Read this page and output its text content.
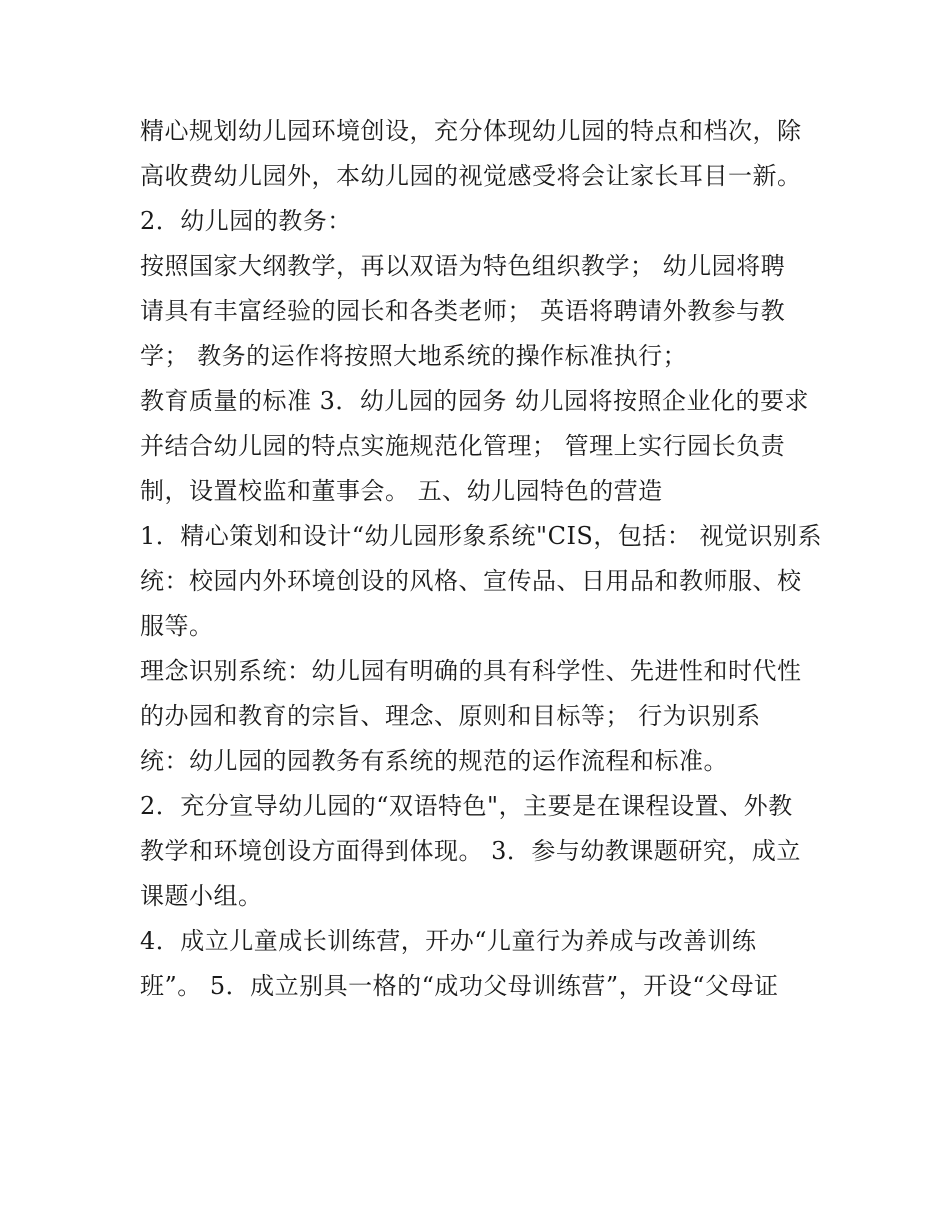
精心规划幼儿园环境创设，充分体现幼儿园的特点和档次，除
高收费幼儿园外，本幼儿园的视觉感受将会让家长耳目一新。
2．幼儿园的教务：
按照国家大纲教学，再以双语为特色组织教学； 幼儿园将聘
请具有丰富经验的园长和各类老师； 英语将聘请外教参与教
学； 教务的运作将按照大地系统的操作标准执行；
教育质量的标准 3．幼儿园的园务 幼儿园将按照企业化的要求
并结合幼儿园的特点实施规范化管理； 管理上实行园长负责
制，设置校监和董事会。 五、幼儿园特色的营造
1．精心策划和设计“幼儿园形象系统"CIS，包括： 视觉识别系
统：校园内外环境创设的风格、宣传品、日用品和教师服、校
服等。
理念识别系统：幼儿园有明确的具有科学性、先进性和时代性
的办园和教育的宗旨、理念、原则和目标等； 行为识别系
统：幼儿园的园教务有系统的规范的运作流程和标准。
2．充分宣导幼儿园的“双语特色"，主要是在课程设置、外教
教学和环境创设方面得到体现。 3．参与幼教课题研究，成立
课题小组。
4．成立儿童成长训练营，开办“儿童行为养成与改善训练
班”。 5．成立别具一格的“成功父母训练营”，开设“父母证
